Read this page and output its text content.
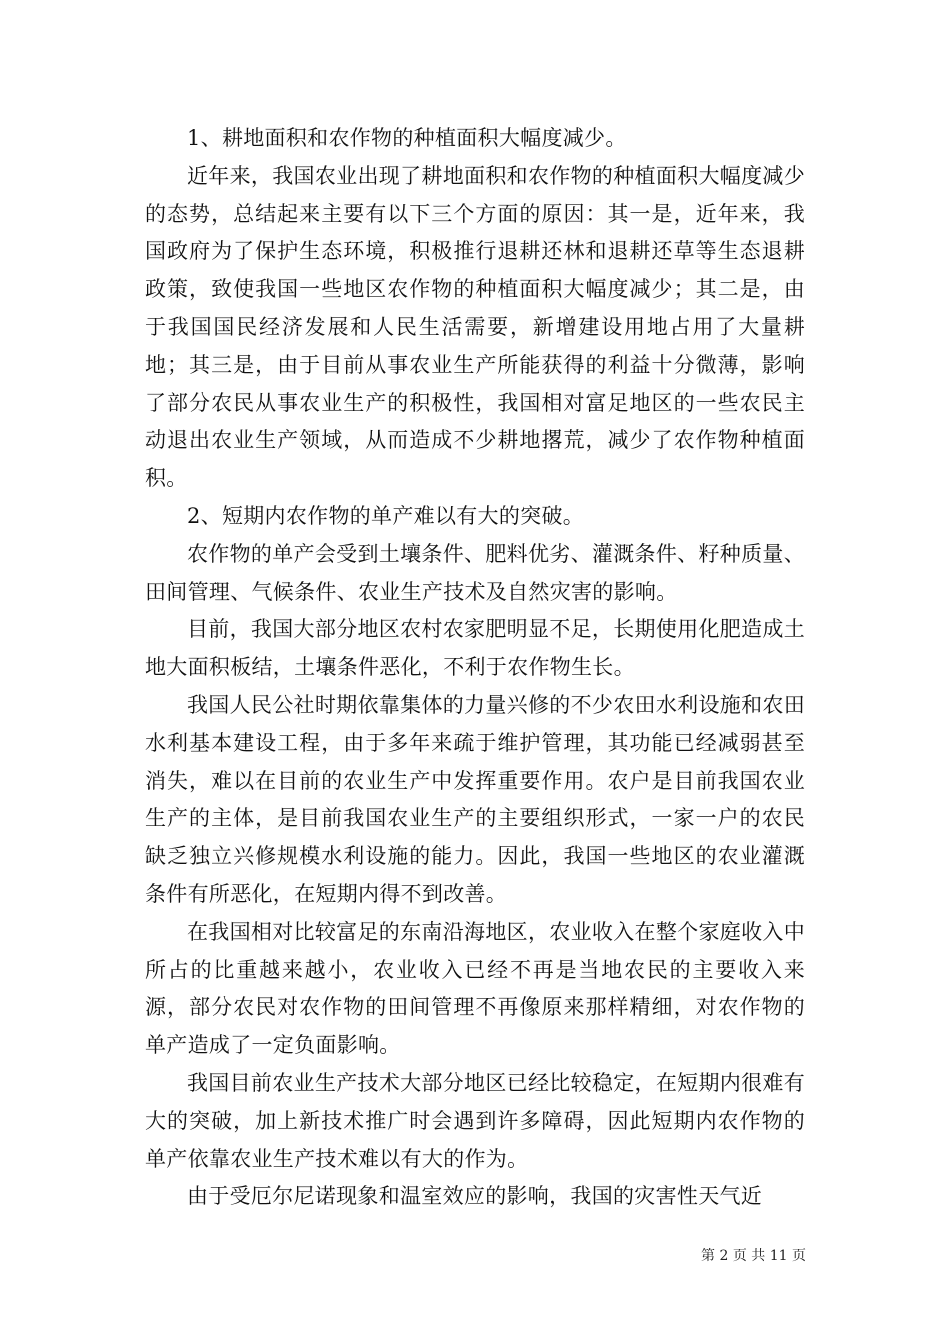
1、耕地面积和农作物的种植面积大幅度减少。

近年来，我国农业出现了耕地面积和农作物的种植面积大幅度减少的态势，总结起来主要有以下三个方面的原因：其一是，近年来，我国政府为了保护生态环境，积极推行退耕还林和退耕还草等生态退耕政策，致使我国一些地区农作物的种植面积大幅度减少；其二是，由于我国国民经济发展和人民生活需要，新增建设用地占用了大量耕地；其三是，由于目前从事农业生产所能获得的利益十分微薄，影响了部分农民从事农业生产的积极性，我国相对富足地区的一些农民主动退出农业生产领域，从而造成不少耕地撂荒，减少了农作物种植面积。

2、短期内农作物的单产难以有大的突破。

农作物的单产会受到土壤条件、肥料优劣、灌溉条件、籽种质量、田间管理、气候条件、农业生产技术及自然灾害的影响。

目前，我国大部分地区农村农家肥明显不足，长期使用化肥造成土地大面积板结，土壤条件恶化，不利于农作物生长。

我国人民公社时期依靠集体的力量兴修的不少农田水利设施和农田水利基本建设工程，由于多年来疏于维护管理，其功能已经减弱甚至消失，难以在目前的农业生产中发挥重要作用。农户是目前我国农业生产的主体，是目前我国农业生产的主要组织形式，一家一户的农民缺乏独立兴修规模水利设施的能力。因此，我国一些地区的农业灌溉条件有所恶化，在短期内得不到改善。

在我国相对比较富足的东南沿海地区，农业收入在整个家庭收入中所占的比重越来越小，农业收入已经不再是当地农民的主要收入来源，部分农民对农作物的田间管理不再像原来那样精细，对农作物的单产造成了一定负面影响。

我国目前农业生产技术大部分地区已经比较稳定，在短期内很难有大的突破，加上新技术推广时会遇到许多障碍，因此短期内农作物的单产依靠农业生产技术难以有大的作为。

由于受厄尔尼诺现象和温室效应的影响，我国的灾害性天气近

第 2 页 共 11 页
